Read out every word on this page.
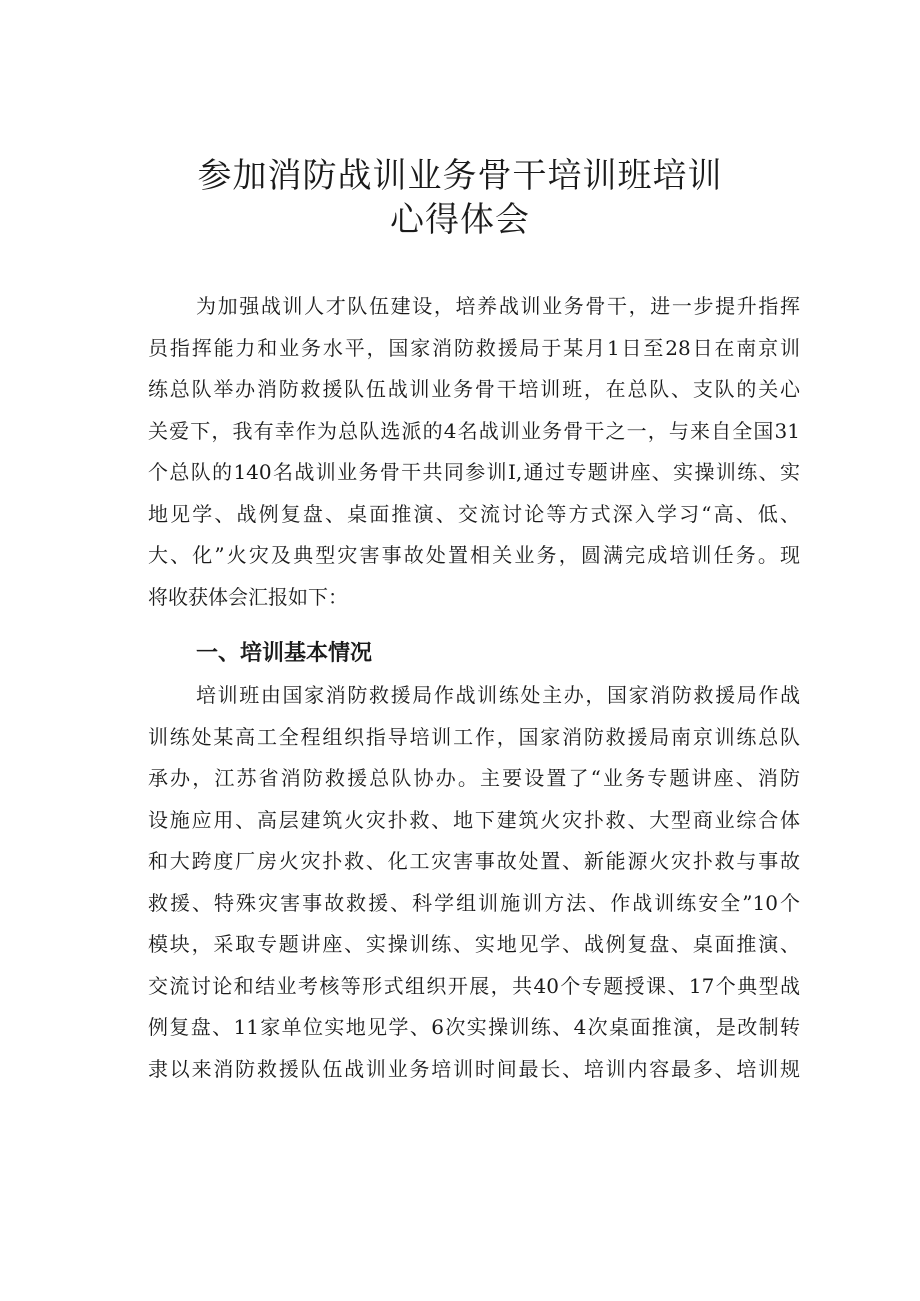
参加消防战训业务骨干培训班培训
心得体会
为加强战训人才队伍建设，培养战训业务骨干，进一步提升指挥
员指挥能力和业务水平，国家消防救援局于某月1日至28日在南京训
练总队举办消防救援队伍战训业务骨干培训班，在总队、支队的关心
关爱下，我有幸作为总队选派的4名战训业务骨干之一，与来自全国31
个总队的140名战训业务骨干共同参训I,通过专题讲座、实操训练、实
地见学、战例复盘、桌面推演、交流讨论等方式深入学习“高、低、
大、化”火灾及典型灾害事故处置相关业务，圆满完成培训任务。现
将收获体会汇报如下：
一、培训基本情况
培训班由国家消防救援局作战训练处主办，国家消防救援局作战
训练处某高工全程组织指导培训工作，国家消防救援局南京训练总队
承办，江苏省消防救援总队协办。主要设置了“业务专题讲座、消防
设施应用、高层建筑火灾扑救、地下建筑火灾扑救、大型商业综合体
和大跨度厂房火灾扑救、化工灾害事故处置、新能源火灾扑救与事故
救援、特殊灾害事故救援、科学组训施训方法、作战训练安全”10个
模块，采取专题讲座、实操训练、实地见学、战例复盘、桌面推演、
交流讨论和结业考核等形式组织开展，共40个专题授课、17个典型战
例复盘、11家单位实地见学、6次实操训练、4次桌面推演，是改制转
隶以来消防救援队伍战训业务培训时间最长、培训内容最多、培训规
